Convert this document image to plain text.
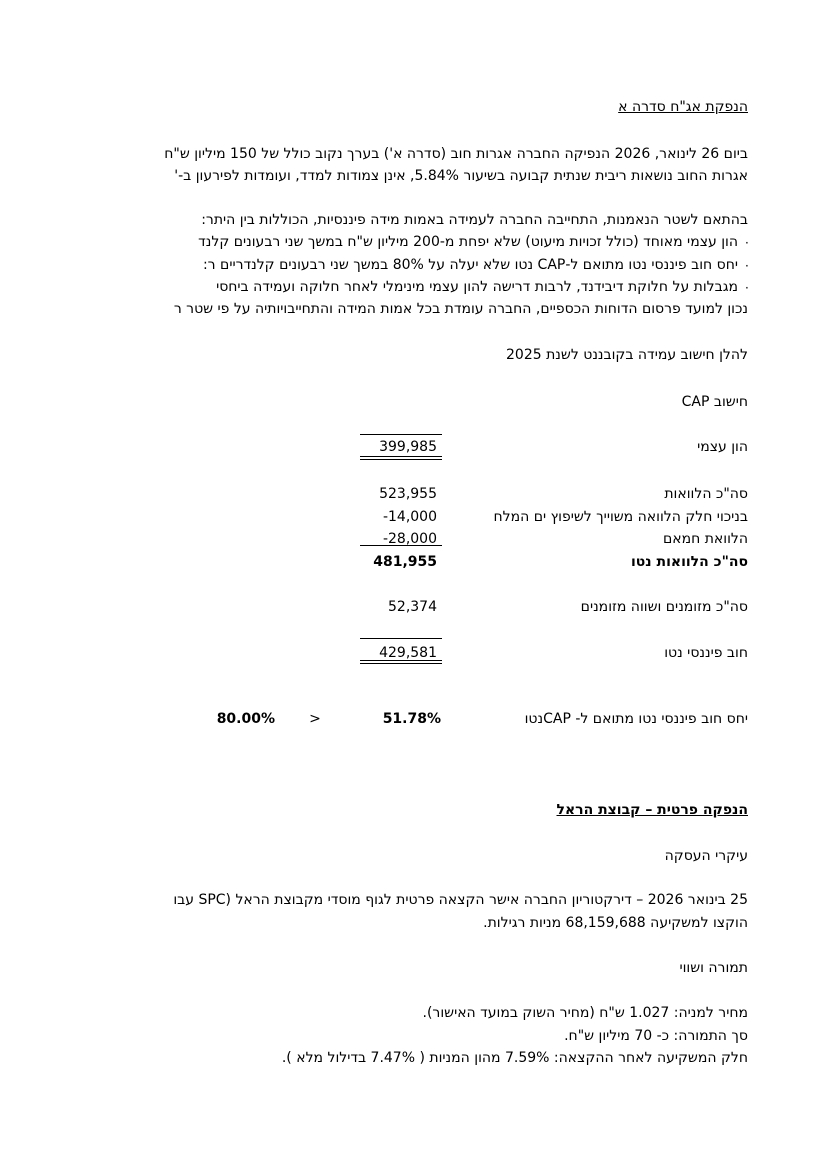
הנפקת אג"ח סדרה א
ביום 26 לינואר, 2026 הנפיקה החברה אגרות חוב (סדרה א') בערך נקוב כולל של 150 מיליון ש"ח
אגרות החוב נושאות ריבית שנתית קבועה בשיעור 5.84%, אינן צמודות למדד, ועומדות לפירעון ב-'
בהתאם לשטר הנאמנות, התחייבה החברה לעמידה באמות מידה פיננסיות, הכוללות בין היתר:
·
הון עצמי מאוחד (כולל זכויות מיעוט) שלא יפחת מ-200 מיליון ש"ח במשך שני רבעונים קלנד
·
יחס חוב פיננסי נטו מתואם ל-CAP נטו שלא יעלה על 80% במשך שני רבעונים קלנדריים ר:
·
מגבלות על חלוקת דיבידנד, לרבות דרישה להון עצמי מינימלי לאחר חלוקה ועמידה ביחסי
נכון למועד פרסום הדוחות הכספיים, החברה עומדת בכל אמות המידה והתחייבויותיה על פי שטר ר
להלן חישוב עמידה בקובננט לשנת 2025
חישוב CAP
הון עצמי
399,985
סה"כ הלוואות
523,955
בניכוי חלק הלוואה משוייך לשיפוץ ים המלח
-14,000
הלוואת חמאם
-28,000
סה"כ הלוואות נטו
481,955
סה"כ מזומנים ושווה מזומנים
52,374
חוב פיננסי נטו
429,581
יחס חוב פיננסי נטו מתואם ל- CAPנטו
51.78%
>
80.00%
הנפקה פרטית – קבוצת הראל
עיקרי העסקה
25 בינואר 2026 – דירקטוריון החברה אישר הקצאה פרטית לגוף מוסדי מקבוצת הראל (SPC עבו
הוקצו למשקיעה 68,159,688 מניות רגילות.
תמורה ושווי
מחיר למניה: 1.027 ש"ח (מחיר השוק במועד האישור).
סך התמורה: כ- 70 מיליון ש"ח.
חלק המשקיעה לאחר ההקצאה: 7.59% מהון המניות ( 7.47% בדילול מלא ).
